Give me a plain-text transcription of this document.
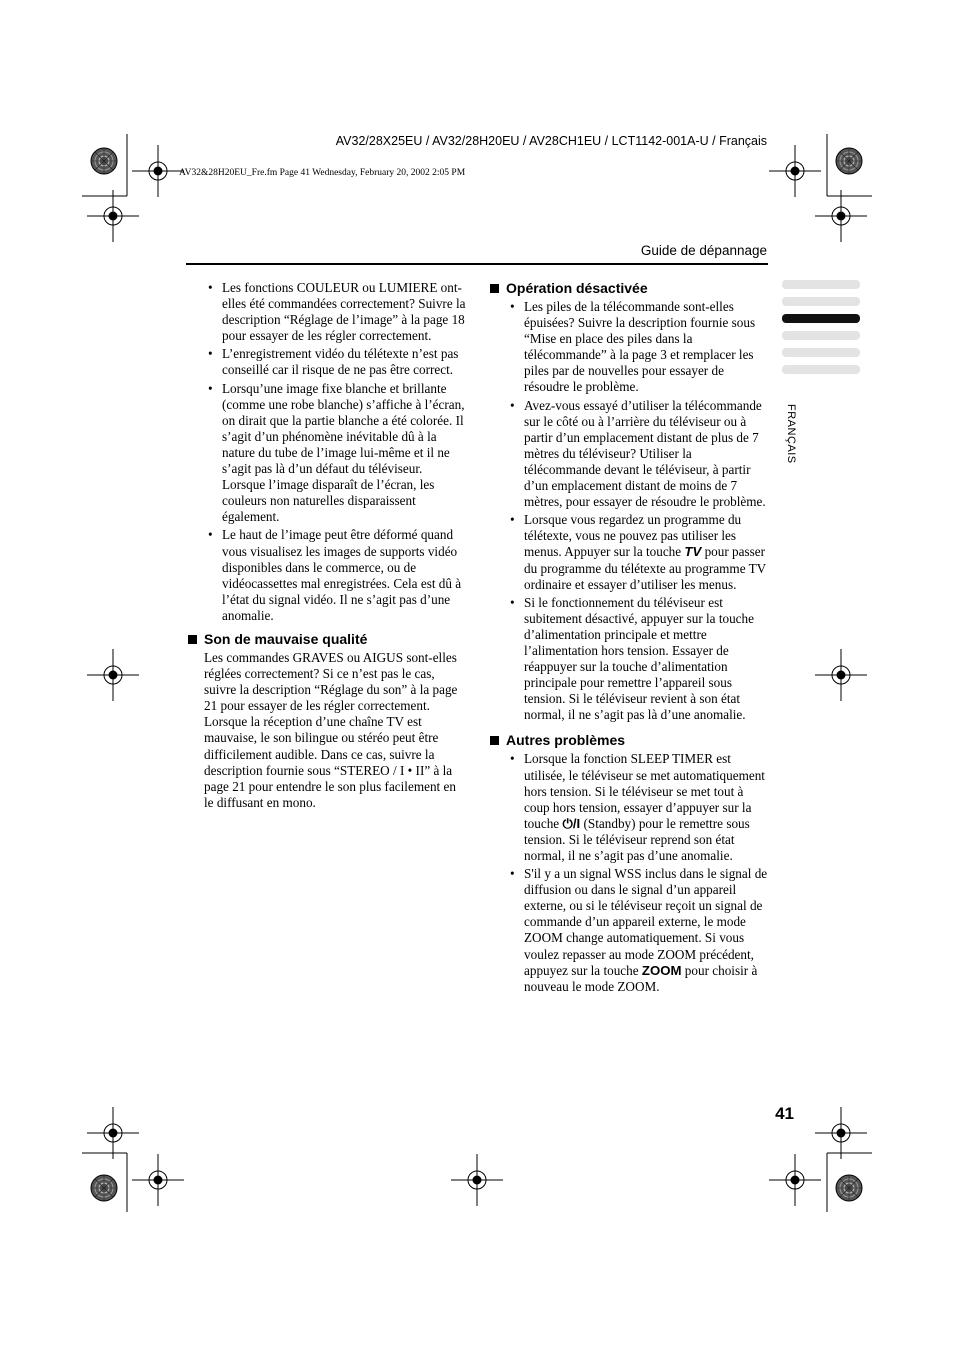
AV32/28X25EU / AV32/28H20EU / AV28CH1EU / LCT1142-001A-U / Français
AV32&28H20EU_Fre.fm Page 41 Wednesday, February 20, 2002 2:05 PM
Guide de dépannage
FRANÇAIS
• Les fonctions COULEUR ou LUMIERE ont-elles été commandées correctement? Suivre la description “Réglage de l’image” à la page 18 pour essayer de les régler correctement.
• L’enregistrement vidéo du télétexte n’est pas conseillé car il risque de ne pas être correct.
• Lorsqu’une image fixe blanche et brillante (comme une robe blanche) s’affiche à l’écran, on dirait que la partie blanche a été colorée. Il s’agit d’un phénomène inévitable dû à la nature du tube de l’image lui-même et il ne s’agit pas là d’un défaut du téléviseur. Lorsque l’image disparaît de l’écran, les couleurs non naturelles disparaissent également.
• Le haut de l’image peut être déformé quand vous visualisez les images de supports vidéo disponibles dans le commerce, ou de vidéocassettes mal enregistrées. Cela est dû à l’état du signal vidéo. Il ne s’agit pas d’une anomalie.
Son de mauvaise qualité

Les commandes GRAVES ou AIGUS sont-elles réglées correctement? Si ce n’est pas le cas, suivre la description “Réglage du son” à la page 21 pour essayer de les régler correctement.

Lorsque la réception d’une chaîne TV est mauvaise, le son bilingue ou stéréo peut être difficilement audible. Dans ce cas, suivre la description fournie sous “STEREO / I • II” à la page 21 pour entendre le son plus facilement en le diffusant en mono.

Opération désactivée
• Les piles de la télécommande sont-elles épuisées? Suivre la description fournie sous “Mise en place des piles dans la télécommande” à la page 3 et remplacer les piles par de nouvelles pour essayer de résoudre le problème.
• Avez-vous essayé d’utiliser la télécommande sur le côté ou à l’arrière du téléviseur ou à partir d’un emplacement distant de plus de 7 mètres du téléviseur? Utiliser la télécommande devant le téléviseur, à partir d’un emplacement distant de moins de 7 mètres, pour essayer de résoudre le problème.
• Lorsque vous regardez un programme du télétexte, vous ne pouvez pas utiliser les menus. Appuyer sur la touche TV pour passer du programme du télétexte au programme TV ordinaire et essayer d’utiliser les menus.
• Si le fonctionnement du téléviseur est subitement désactivé, appuyer sur la touche d’alimentation principale et mettre l’alimentation hors tension. Essayer de réappuyer sur la touche d’alimentation principale pour remettre l’appareil sous tension. Si le téléviseur revient à son état normal, il ne s’agit pas là d’une anomalie.
Autres problèmes
• Lorsque la fonction SLEEP TIMER est utilisée, le téléviseur se met automatiquement hors tension. Si le téléviseur se met tout à coup hors tension, essayer d’appuyer sur la touche ⏻/I (Standby) pour le remettre sous tension. Si le téléviseur reprend son état normal, il ne s’agit pas d’une anomalie.
• S'il y a un signal WSS inclus dans le signal de diffusion ou dans le signal d’un appareil externe, ou si le téléviseur reçoit un signal de commande d’un appareil externe, le mode ZOOM change automatiquement. Si vous voulez repasser au mode ZOOM précédent, appuyez sur la touche ZOOM pour choisir à nouveau le mode ZOOM.
41
